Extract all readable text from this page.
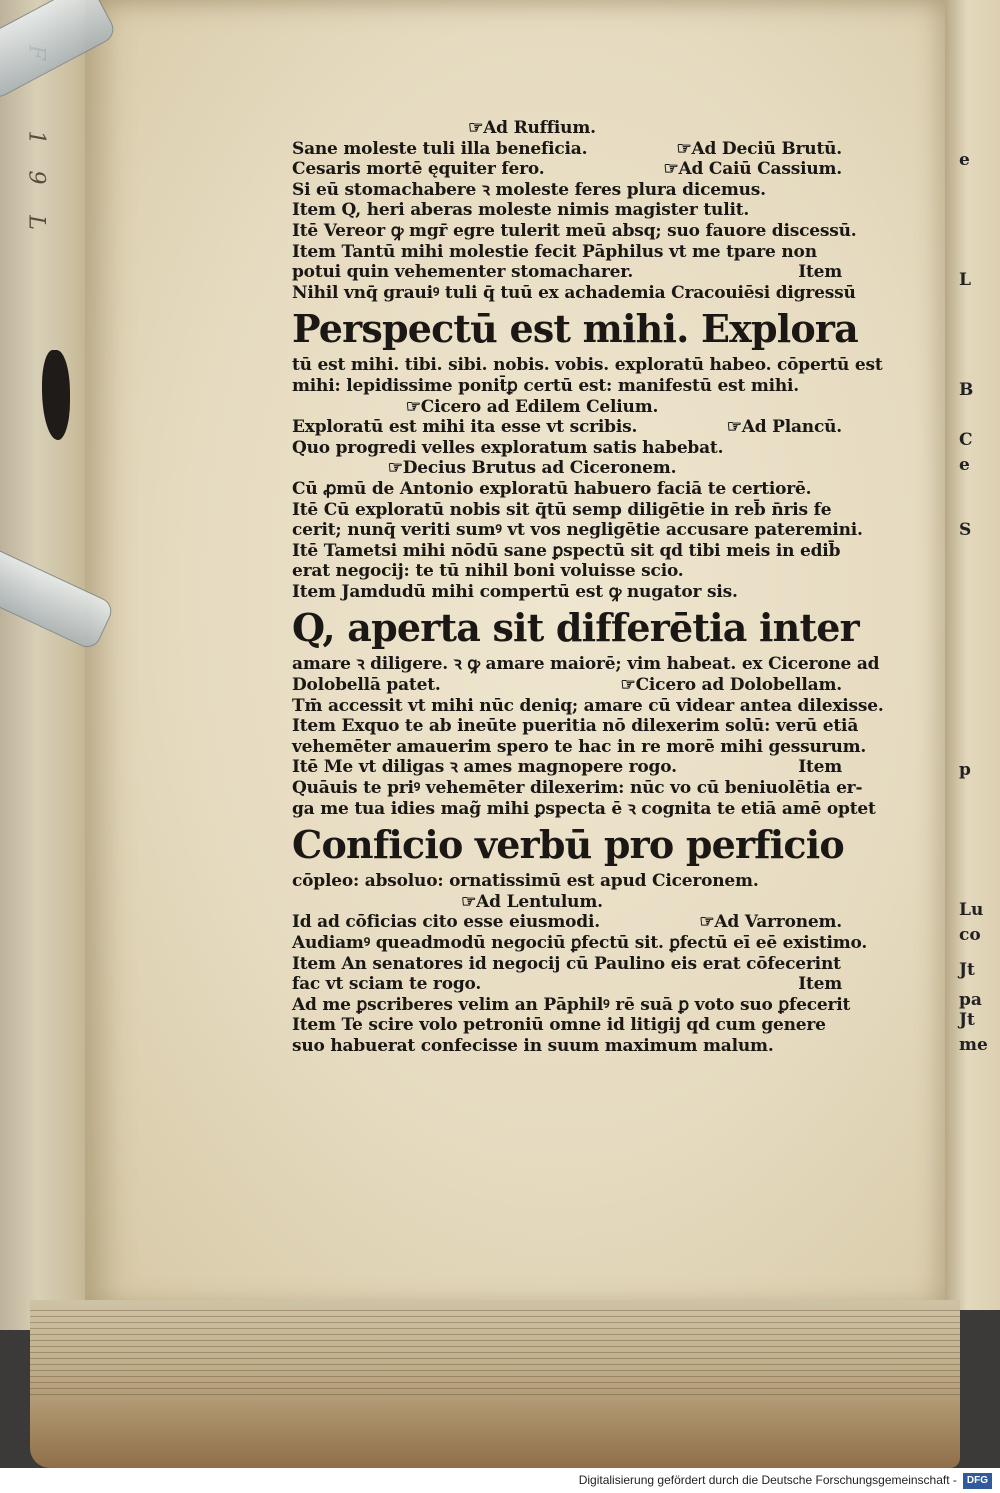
1
9
L
e
L
B
C
e
S
p
Lu
co
Jt
pa
Jt
me
☞Ad Ruffium.
Sane moleste tuli illa beneficia.	☞Ad Deciū Brutū.
Cesaris mortē ęquiter fero.	☞Ad Caiū Cassium.
Si eū stomachabere ꝛ moleste feres plura dicemus.
Item Q, heri aberas moleste nimis magister tulit.
Itē Vereor ꝙ mgr̄ egre tulerit meū absq; suo fauore discessū.
Item Tantū mihi molestie fecit Pāphilus vt me tpare non
potui quin vehementer stomacharer.	Item
Nihil vnq̄ grauiꝰ tuli q̄ tuū ex achademia Cracouiēsi digressū
Perspectū est mihi. Explora
tū est mihi. tibi. sibi. nobis. vobis. exploratū habeo. cōpertū est
mihi: lepidissime ponit̄ꝑ certū est: manifestū est mihi.
☞Cicero ad Edilem Celium.
Exploratū est mihi ita esse vt scribis.	☞Ad Plancū.
Quo progredi velles exploratum satis habebat.
☞Decius Brutus ad Ciceronem.
Cū ꝓmū de Antonio exploratū habuero faciā te certiorē.
Itē Cū exploratū nobis sit q̄tū semp diligētie in reb̄ n̄ris fe
cerit; nunq̄ veriti sumꝰ vt vos negligētie accusare pateremini.
Itē Tametsi mihi nōdū sane ꝑspectū sit qd tibi meis in edib̄
erat negocij: te tū nihil boni voluisse scio.
Item Jamdudū mihi compertū est ꝙ nugator sis.
Q, aperta sit differētia inter
amare ꝛ diligere. ꝛ ꝙ amare maiorē; vim habeat. ex Cicerone ad
Dolobellā patet.	☞Cicero ad Dolobellam.
Tm̄ accessit vt mihi nūc deniq; amare cū videar antea dilexisse.
Item Exquo te ab ineūte pueritia nō dilexerim solū: verū etiā
vehemēter amauerim spero te hac in re morē mihi gessurum.
Itē Me vt diligas ꝛ ames magnopere rogo.	Item
Quāuis te priꝰ vehemēter dilexerim: nūc vo cū beniuolētia er-
ga me tua idies mag̃ mihi ꝑspecta ē ꝛ cognita te etiā amē optet
Conficio verbū pro perficio
cōpleo: absoluo: ornatissimū est apud Ciceronem.
☞Ad Lentulum.
Id ad cōficias cito esse eiusmodi.	☞Ad Varronem.
Audiamꝰ queadmodū negociū ꝑfectū sit. ꝑfectū eī eē existimo.
Item An senatores id negocij cū Paulino eis erat cōfecerint
fac vt sciam te rogo.	Item
Ad me ꝑscriberes velim an Pāphilꝰ rē suā ꝑ voto suo ꝑfecerit
Item Te scire volo petroniū omne id litigij qd cum genere
suo habuerat confecisse in suum maximum malum.
Digitalisierung gefördert durch die Deutsche Forschungsgemeinschaft - DFG
